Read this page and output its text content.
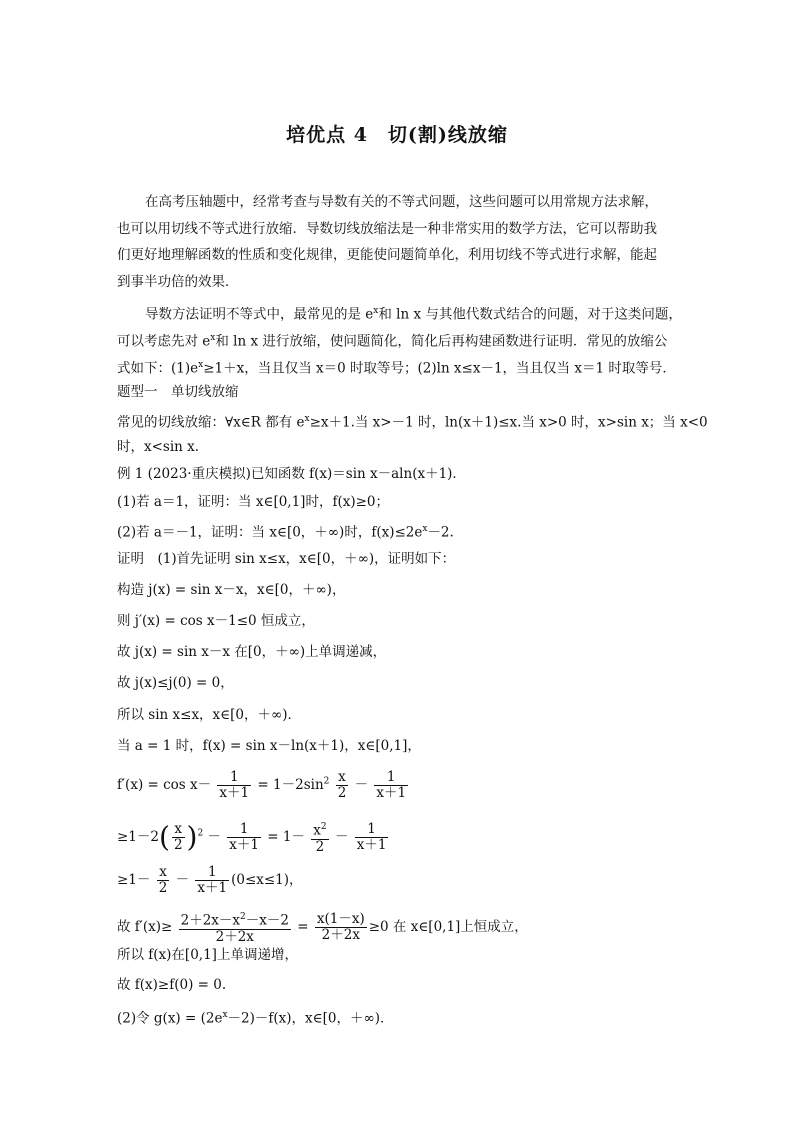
培优点 4　切(割)线放缩
在高考压轴题中，经常考查与导数有关的不等式问题，这些问题可以用常规方法求解，
也可以用切线不等式进行放缩．导数切线放缩法是一种非常实用的数学方法，它可以帮助我
们更好地理解函数的性质和变化规律，更能使问题简单化，利用切线不等式进行求解，能起
到事半功倍的效果．
导数方法证明不等式中，最常见的是 $e^x$和 ln x 与其他代数式结合的问题，对于这类问题，
可以考虑先对 $e^x$和 ln x 进行放缩，使问题简化，简化后再构建函数进行证明．常见的放缩公
式如下：$(1)e^x\ge 1+x$，当且仅当 x＝0 时取等号；(2)ln x≤x－1，当且仅当 x＝1 时取等号．
题型一　单切线放缩
常见的切线放缩：∀x∈R 都有 $e^x\ge x+1$.当 x>－1 时，ln(x＋1)≤x.当 x>0 时，x>sin x；当 x<0
时，x<sin x.
例 1 (2023·重庆模拟)已知函数 f(x)＝sin x－aln(x＋1)．
(1)若 a＝1，证明：当 x∈[0,1]时，f(x)≥0；
(2)若 a＝－1，证明：当 x∈[0，＋∞)时，$f(x)\le 2e^x-2$.
证明　(1)首先证明 sin x≤x，x∈[0，＋∞)，证明如下：
构造 j(x) = sin x－x，x∈[0，＋∞)，
则 j′(x) = cos x－1≤0 恒成立，
故 j(x) = sin x－x 在[0，＋∞)上单调递减，
故 j(x)≤j(0) = 0，
所以 sin x≤x，x∈[0，＋∞)．
当 a = 1 时，f(x) = sin x－ln(x＋1)，x∈[0,1]，
$f'(x) = \cos x- \frac{1}{x+1} = 1-2\sin^2 \frac{x}{2} - \frac{1}{x+1}$
$\ge 1-2( \frac{x}{2} )^2 - \frac{1}{x+1} = 1- \frac{x^2}{2} - \frac{1}{x+1}$
$\ge 1- \frac{x}{2} - \frac{1}{x+1} (0\le x\le 1)$，
故 $f'(x)\ge \frac{2+2x-x^2-x-2}{2+2x} = \frac{x(1-x)}{2+2x} \ge 0$ 在 x∈[0,1]上恒成立，
所以 f(x)在[0,1]上单调递增，
故 f(x)≥f(0) = 0.
(2)令 $g(x) = (2e^x-2)-f(x)$，x∈[0，＋∞)．
